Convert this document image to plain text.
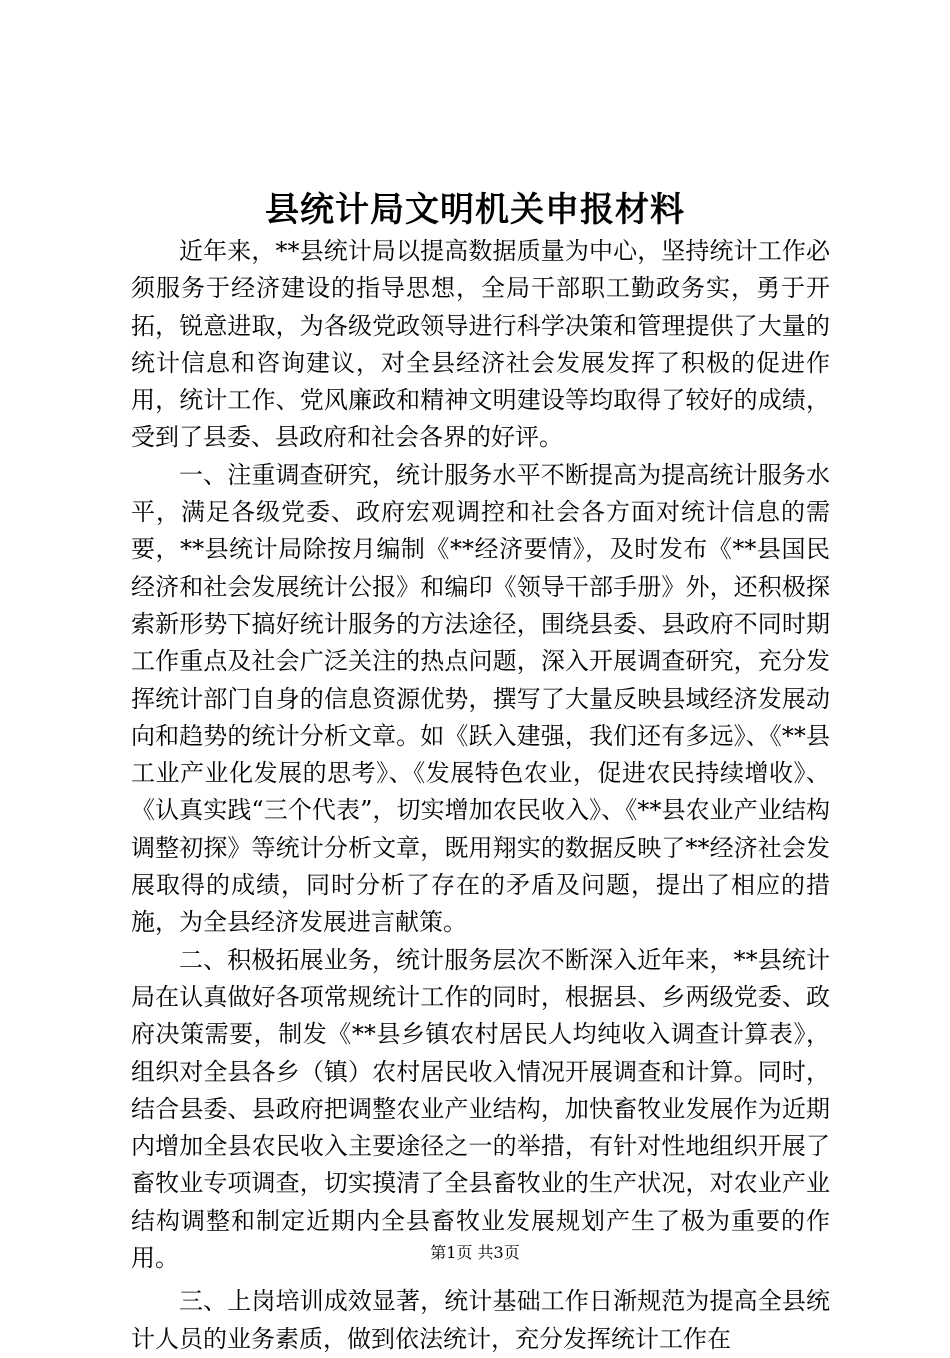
县统计局文明机关申报材料

近年来，**县统计局以提高数据质量为中心，坚持统计工作必须服务于经济建设的指导思想，全局干部职工勤政务实，勇于开拓，锐意进取，为各级党政领导进行科学决策和管理提供了大量的统计信息和咨询建议，对全县经济社会发展发挥了积极的促进作用，统计工作、党风廉政和精神文明建设等均取得了较好的成绩，受到了县委、县政府和社会各界的好评。

一、注重调查研究，统计服务水平不断提高为提高统计服务水平，满足各级党委、政府宏观调控和社会各方面对统计信息的需要，**县统计局除按月编制《**经济要情》，及时发布《**县国民经济和社会发展统计公报》和编印《领导干部手册》外，还积极探索新形势下搞好统计服务的方法途径，围绕县委、县政府不同时期工作重点及社会广泛关注的热点问题，深入开展调查研究，充分发挥统计部门自身的信息资源优势，撰写了大量反映县域经济发展动向和趋势的统计分析文章。如《跃入建强，我们还有多远》、《**县工业产业化发展的思考》、《发展特色农业，促进农民持续增收》、《认真实践“三个代表”，切实增加农民收入》、《**县农业产业结构调整初探》等统计分析文章，既用翔实的数据反映了**经济社会发展取得的成绩，同时分析了存在的矛盾及问题，提出了相应的措施，为全县经济发展进言献策。

二、积极拓展业务，统计服务层次不断深入近年来，**县统计局在认真做好各项常规统计工作的同时，根据县、乡两级党委、政府决策需要，制发《**县乡镇农村居民人均纯收入调查计算表》，组织对全县各乡（镇）农村居民收入情况开展调查和计算。同时，结合县委、县政府把调整农业产业结构，加快畜牧业发展作为近期内增加全县农民收入主要途径之一的举措，有针对性地组织开展了畜牧业专项调查，切实摸清了全县畜牧业的生产状况，对农业产业结构调整和制定近期内全县畜牧业发展规划产生了极为重要的作用。

三、上岗培训成效显著，统计基础工作日渐规范为提高全县统计人员的业务素质，做到依法统计，充分发挥统计工作在

第1页 共3页
